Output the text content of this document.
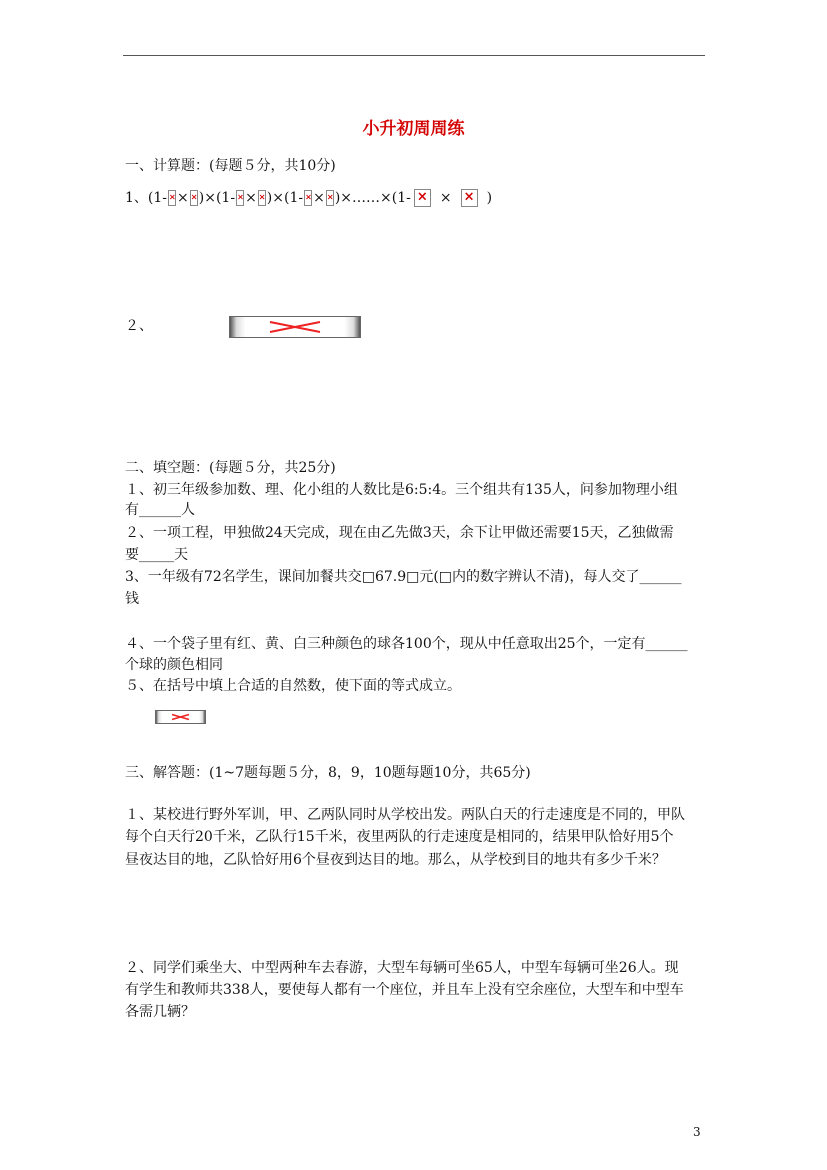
小升初周周练
一、计算题：(每题５分，共10分)
1、(1- × × × )×(1- × × × )×(1- × × × )×……×(1- × × ×	)
２、
二、填空题：(每题５分，共25分)
１、初三年级参加数、理、化小组的人数比是6:5:4。三个组共有135人，问参加物理小组
有______人
２、一项工程，甲独做24天完成，现在由乙先做3天，余下让甲做还需要15天，乙独做需
要_____天
3、一年级有72名学生，课间加餐共交□67.9□元(□内的数字辨认不清)，每人交了______
钱
４、一个袋子里有红、黄、白三种颜色的球各100个，现从中任意取出25个，一定有______
个球的颜色相同
５、在括号中填上合适的自然数，使下面的等式成立。
三、解答题：(1~7题每题５分，8，9，10题每题10分，共65分)
１、某校进行野外军训，甲、乙两队同时从学校出发。两队白天的行走速度是不同的，甲队
每个白天行20千米，乙队行15千米，夜里两队的行走速度是相同的，结果甲队恰好用5个
昼夜达目的地，乙队恰好用6个昼夜到达目的地。那么，从学校到目的地共有多少千米？
２、同学们乘坐大、中型两种车去春游，大型车每辆可坐65人，中型车每辆可坐26人。现
有学生和教师共338人，要使每人都有一个座位，并且车上没有空余座位，大型车和中型车
各需几辆？
3
